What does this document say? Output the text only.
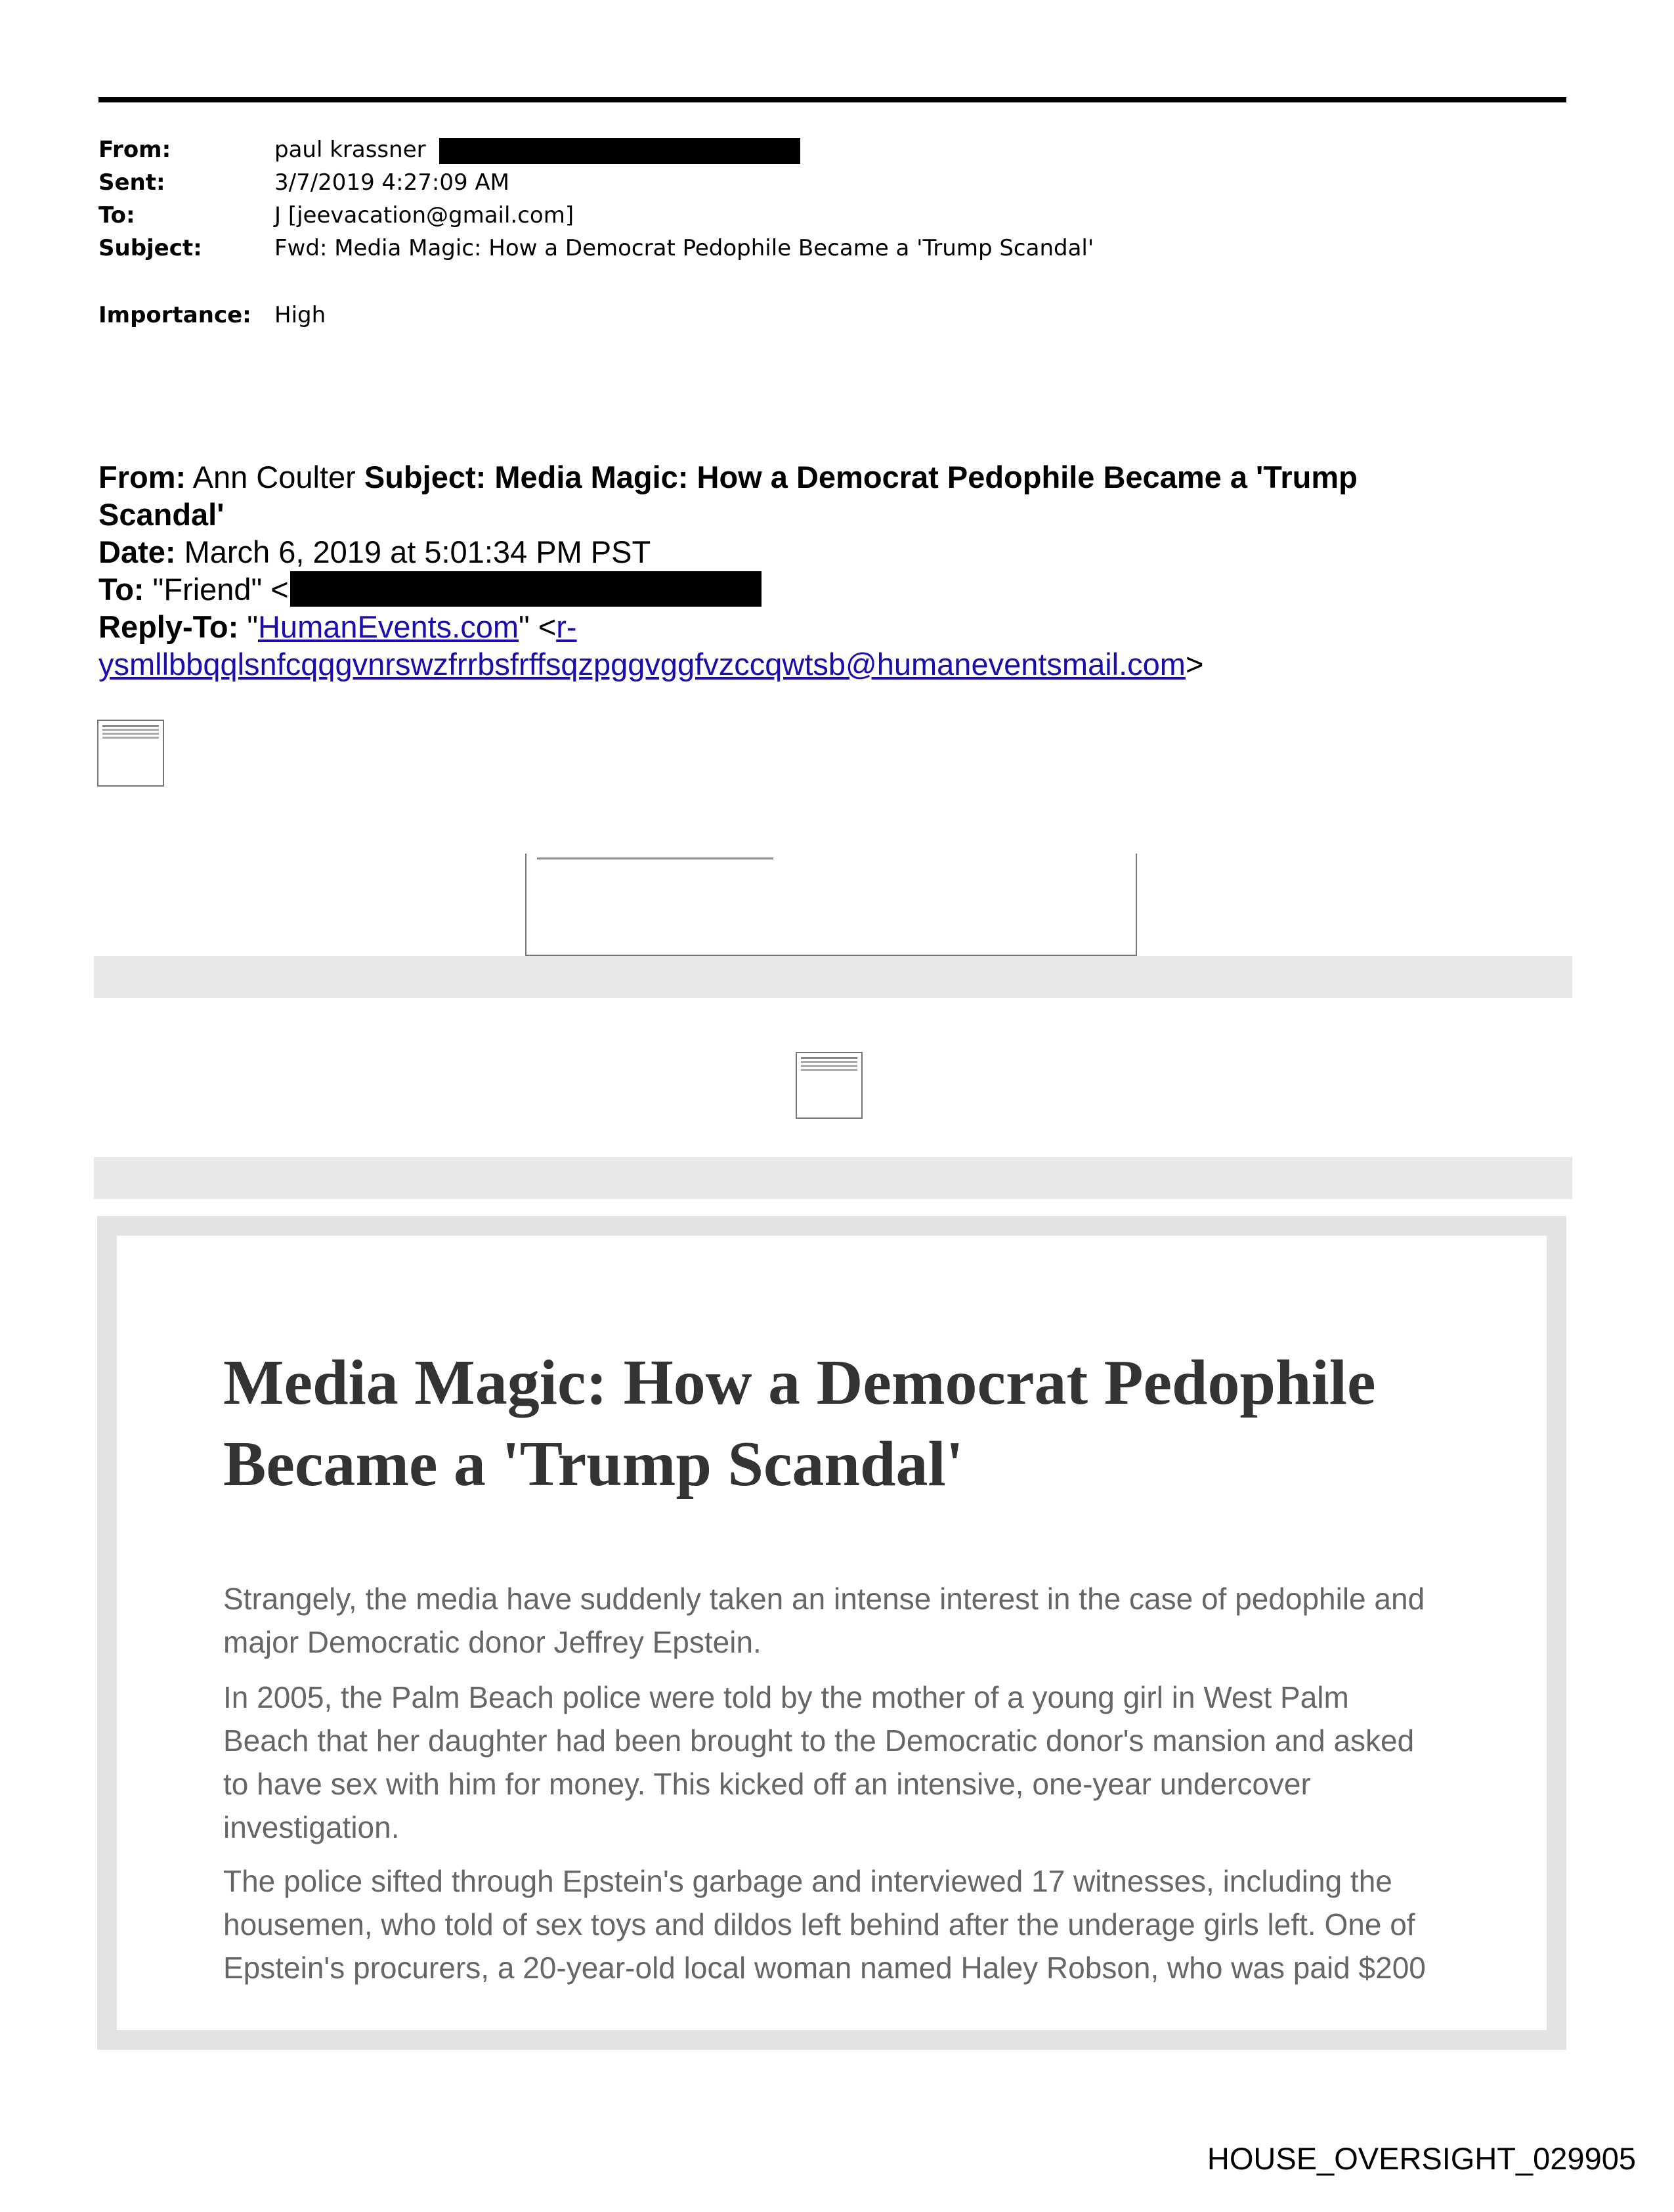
From:	paul krassner
Sent:	3/7/2019 4:27:09 AM
To:	J [jeevacation@gmail.com]
Subject:	Fwd: Media Magic: How a Democrat Pedophile Became a 'Trump Scandal'
Importance: High
From: Ann Coulter Subject: Media Magic: How a Democrat Pedophile Became a 'Trump
Scandal'
Date: March 6, 2019 at 5:01:34 PM PST
To: "Friend" <
Reply-To: "HumanEvents.com" <r-
ysmllbbqqlsnfcqqgvnrswzfrrbsfrffsqzpggvggfvzccqwtsb@humaneventsmail.com>
Media Magic: How a Democrat Pedophile
Became a 'Trump Scandal'
Strangely, the media have suddenly taken an intense interest in the case of pedophile and
major Democratic donor Jeffrey Epstein.
In 2005, the Palm Beach police were told by the mother of a young girl in West Palm
Beach that her daughter had been brought to the Democratic donor's mansion and asked
to have sex with him for money. This kicked off an intensive, one-year undercover
investigation.
The police sifted through Epstein's garbage and interviewed 17 witnesses, including the
housemen, who told of sex toys and dildos left behind after the underage girls left. One of
Epstein's procurers, a 20-year-old local woman named Haley Robson, who was paid $200
HOUSE_OVERSIGHT_029905
